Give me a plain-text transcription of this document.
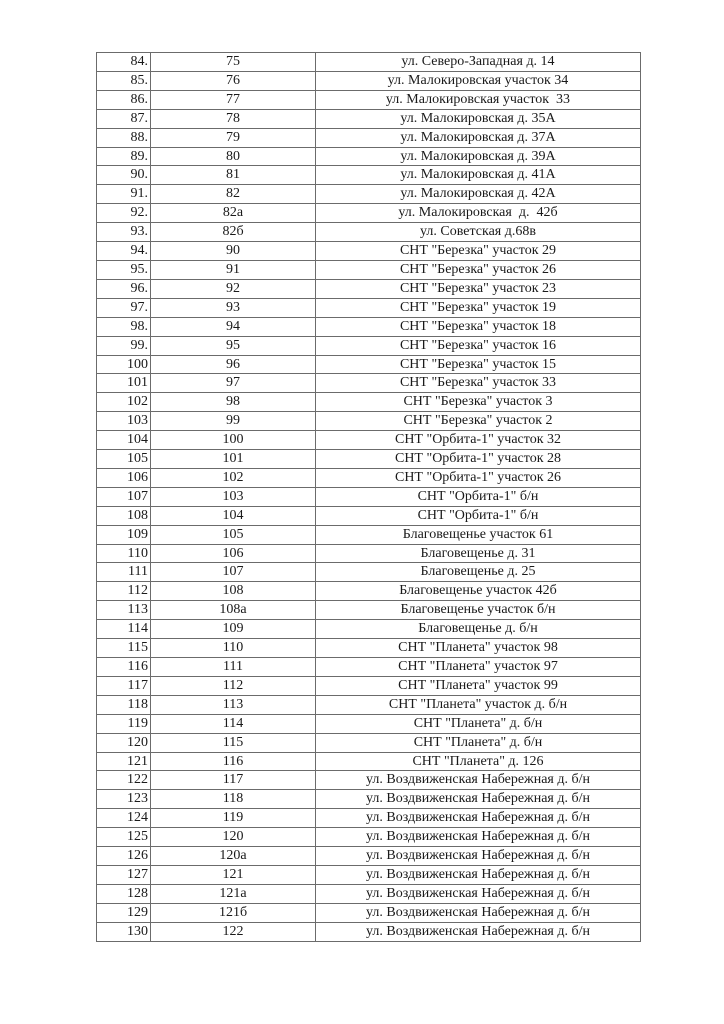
84.	75	ул. Северо-Западная д. 14
85.	76	ул. Малокировская участок 34
86.	77	ул. Малокировская участок  33
87.	78	ул. Малокировская д. 35А
88.	79	ул. Малокировская д. 37А
89.	80	ул. Малокировская д. 39А
90.	81	ул. Малокировская д. 41А
91.	82	ул. Малокировская д. 42А
92.	82а	ул. Малокировская  д.  42б
93.	82б	ул. Советская д.68в
94.	90	СНТ "Березка" участок 29
95.	91	СНТ "Березка" участок 26
96.	92	СНТ "Березка" участок 23
97.	93	СНТ "Березка" участок 19
98.	94	СНТ "Березка" участок 18
99.	95	СНТ "Березка" участок 16
100	96	СНТ "Березка" участок 15
101	97	СНТ "Березка" участок 33
102	98	СНТ "Березка" участок 3
103	99	СНТ "Березка" участок 2
104	100	СНТ "Орбита-1" участок 32
105	101	СНТ "Орбита-1" участок 28
106	102	СНТ "Орбита-1" участок 26
107	103	СНТ "Орбита-1" б/н
108	104	СНТ "Орбита-1" б/н
109	105	Благовещенье участок 61
110	106	Благовещенье д. 31
111	107	Благовещенье д. 25
112	108	Благовещенье участок 42б
113	108а	Благовещенье участок б/н
114	109	Благовещенье д. б/н
115	110	СНТ "Планета" участок 98
116	111	СНТ "Планета" участок 97
117	112	СНТ "Планета" участок 99
118	113	СНТ "Планета" участок д. б/н
119	114	СНТ "Планета" д. б/н
120	115	СНТ "Планета" д. б/н
121	116	СНТ "Планета" д. 126
122	117	ул. Воздвиженская Набережная д. б/н
123	118	ул. Воздвиженская Набережная д. б/н
124	119	ул. Воздвиженская Набережная д. б/н
125	120	ул. Воздвиженская Набережная д. б/н
126	120а	ул. Воздвиженская Набережная д. б/н
127	121	ул. Воздвиженская Набережная д. б/н
128	121а	ул. Воздвиженская Набережная д. б/н
129	121б	ул. Воздвиженская Набережная д. б/н
130	122	ул. Воздвиженская Набережная д. б/н
